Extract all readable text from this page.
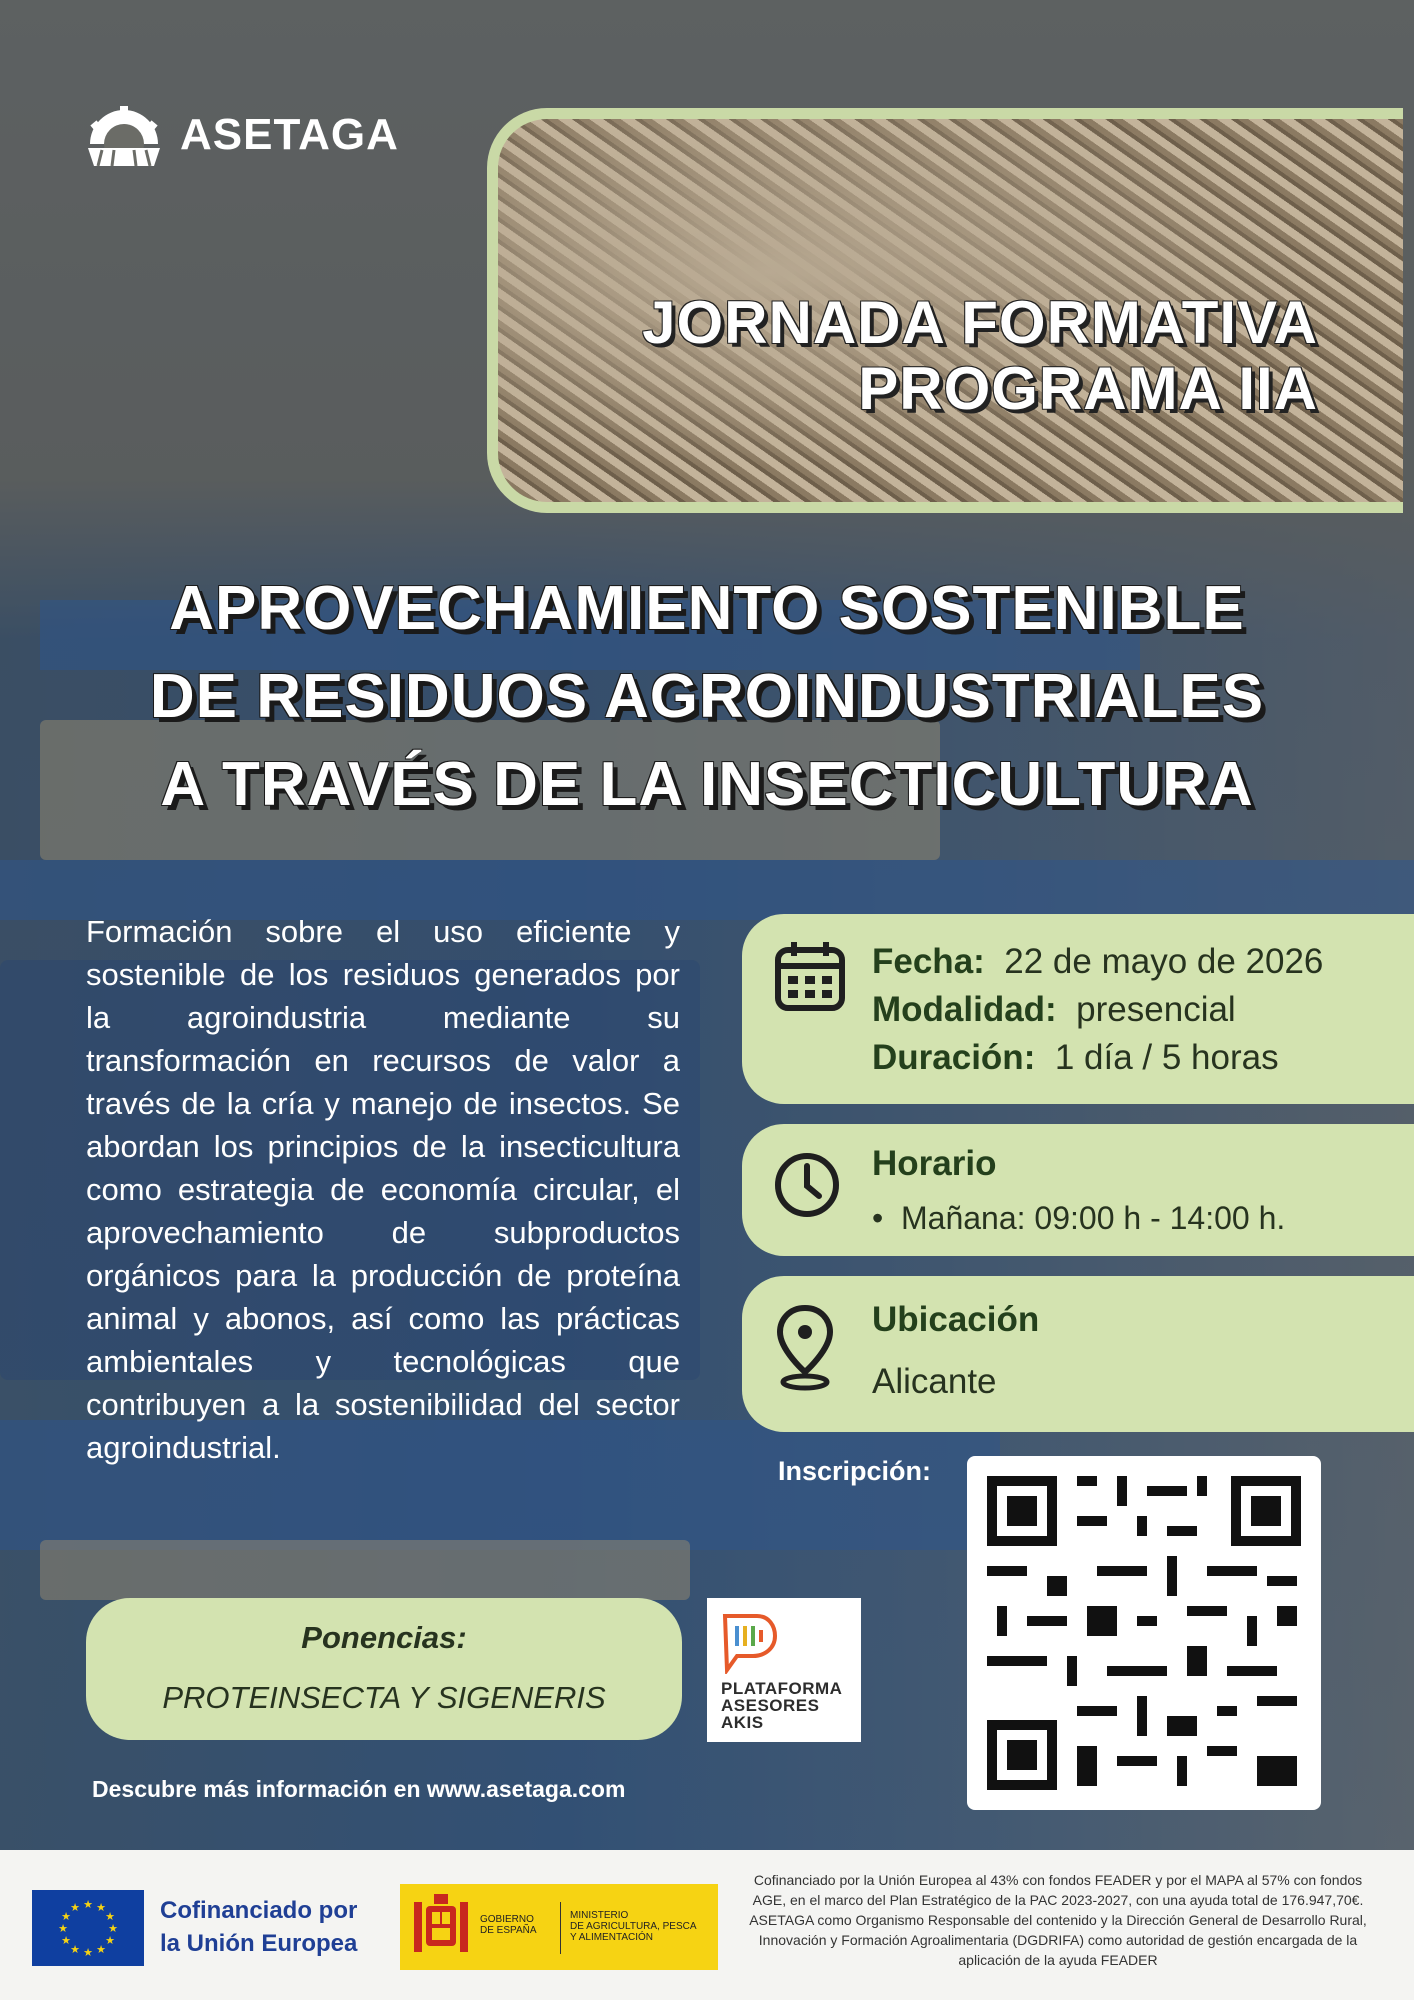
ASETAGA
JORNADA FORMATIVA
PROGRAMA IIA
APROVECHAMIENTO SOSTENIBLE
DE RESIDUOS AGROINDUSTRIALES
A TRAVÉS DE LA INSECTICULTURA
Formación sobre el uso eficiente y sostenible de los residuos generados por la agroindustria mediante su transformación en recursos de valor a través de la cría y manejo de insectos. Se abordan los principios de la insecticultura como estrategia de economía circular, el aprovechamiento de subproductos orgánicos para la producción de proteína animal y abonos, así como las prácticas ambientales y tecnológicas que contribuyen a la sostenibilidad del sector agroindustrial.
Fecha: 22 de mayo de 2026
Modalidad: presencial
Duración: 1 día / 5 horas
Horario
•  Mañana: 09:00 h - 14:00 h.
Ubicación
Alicante
Inscripción:
Ponencias:
PROTEINSECTA Y SIGENERIS	PLATAFORMA
ASESORES
AKIS
Descubre más información en www.asetaga.com
★ ★
★
★
★
★
★
★
★
★
★
★	Cofinanciado por
la Unión Europea
GOBIERNO
DE ESPAÑA
MINISTERIO
DE AGRICULTURA, PESCA
Y ALIMENTACIÓN
Cofinanciado por la Unión Europea al 43% con fondos FEADER y por el MAPA al 57% con fondos AGE, en el marco del Plan Estratégico de la PAC 2023-2027, con una ayuda total de 176.947,70€. ASETAGA como Organismo Responsable del contenido y la Dirección General de Desarrollo Rural, Innovación y Formación Agroalimentaria (DGDRIFA) como autoridad de gestión encargada de la aplicación de la ayuda FEADER
